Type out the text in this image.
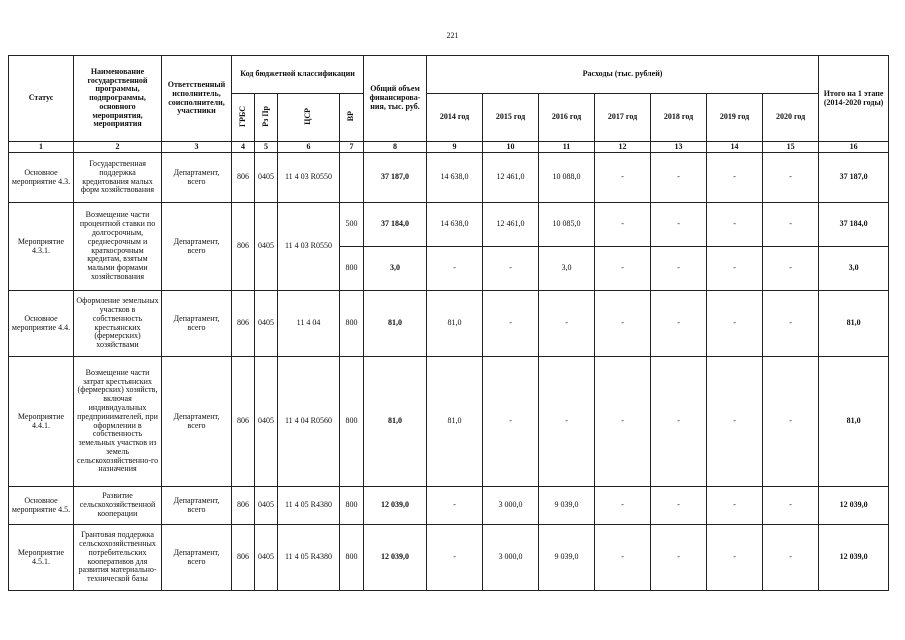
221
Статус	Наименование государственной программы, подпрограммы, основного мероприятия, мероприятия	Ответственный исполнитель, соисполнители, участники	Код бюджетной классификации				Общий объем финансирова-ния, тыс. руб.	Расходы (тыс. рублей)							Итого на 1 этапе (2014-2020 годы)
			ГРБС	Рз Пр	ЦСР	ВР		2014 год	2015 год	2016 год	2017 год	2018 год	2019 год	2020 год	
1	2	3	4	5	6	7	8	9	10	11	12	13	14	15	16
Основное мероприятие 4.3.	Государственная поддержка кредитования малых форм хозяйствования	Департамент, всего	806	0405	11 4 03 R0550		37 187,0	14 638,0	12 461,0	10 088,0	-	-	-	-	37 187,0
Мероприятие 4.3.1.	Возмещение части процентной ставки по долгосрочным, среднесрочным и краткосрочным кредитам, взятым малыми формами хозяйствования	Департамент, всего	806	0405	11 4 03 R0550	500	37 184,0	14 638,0	12 461,0	10 085,0	-	-	-	-	37 184,0
						800	3,0	-	-	3,0	-	-	-	-	3,0
Основное мероприятие 4.4.	Оформление земельных участков в собственность крестьянских (фермерских) хозяйствами	Департамент, всего	806	0405	11 4 04	800	81,0	81,0	-	-	-	-	-	-	81,0
Мероприятие 4.4.1.	Возмещение части затрат крестьянских (фермерских) хозяйств, включая индивидуальных предпринимателей, при оформлении в собственность земельных участков из земель сельскохозяйственно-го назначения	Департамент, всего	806	0405	11 4 04 R0560	800	81,0	81,0	-	-	-	-	-	-	81,0
Основное мероприятие 4.5.	Развитие сельскохозяйственной кооперации	Департамент, всего	806	0405	11 4 05 R4380	800	12 039,0	-	3 000,0	9 039,0	-	-	-	-	12 039,0
Мероприятие 4.5.1.	Грантовая поддержка сельскохозяйственных потребительских кооперативов для развития материально-технической базы	Департамент, всего	806	0405	11 4 05 R4380	800	12 039,0	-	3 000,0	9 039,0	-	-	-	-	12 039,0
